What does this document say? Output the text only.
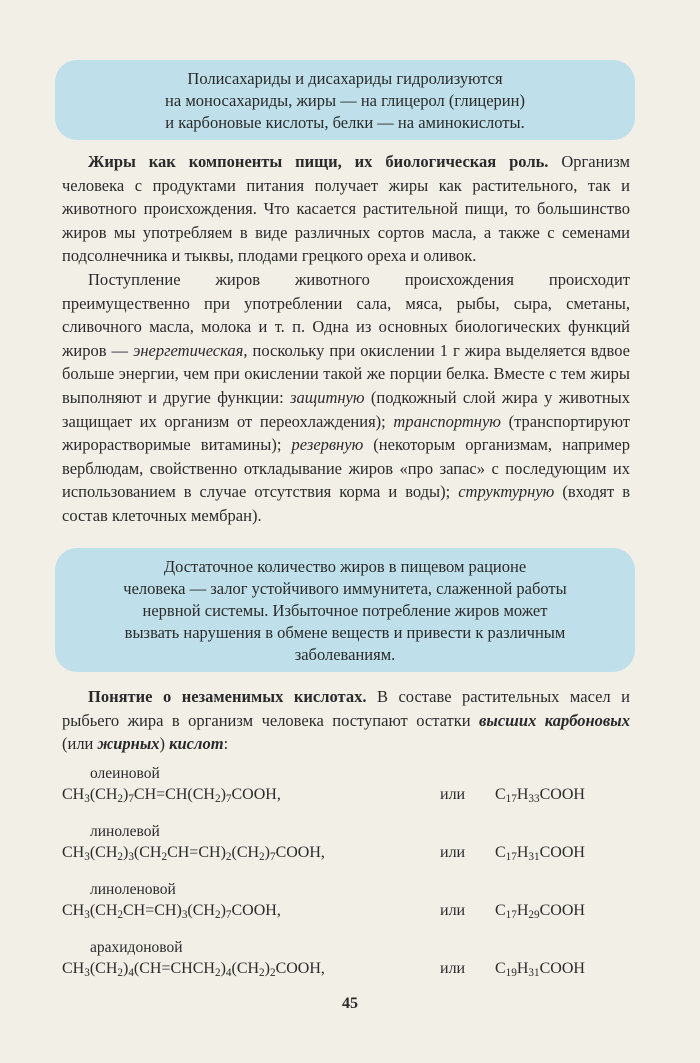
Полисахариды и дисахариды гидролизуются

на моносахариды, жиры — на глицерол (глицерин)

и карбоновые кислоты, белки — на аминокислоты.

Жиры как компоненты пищи, их биологическая роль. Организм человека с продуктами питания получает жиры как растительного, так и животного происхождения. Что касается растительной пищи, то большинство жиров мы употребляем в виде различных сортов масла, а также с семенами подсолнечника и тыквы, плодами грецкого ореха и оливок.

Поступление жиров животного происхождения происходит преимущественно при употреблении сала, мяса, рыбы, сыра, сметаны, сливочного масла, молока и т. п. Одна из основных биологических функций жиров — энергетическая, поскольку при окислении 1 г жира выделяется вдвое больше энергии, чем при окислении такой же порции белка. Вместе с тем жиры выполняют и другие функции: защитную (подкожный слой жира у животных защищает их организм от переохлаждения); транспортную (транспортируют жирорастворимые витамины); резервную (некоторым организмам, например верблюдам, свойственно откладывание жиров «про запас» с последующим их использованием в случае отсутствия корма и воды); структурную (входят в состав клеточных мембран).

Достаточное количество жиров в пищевом рационе

человека — залог устойчивого иммунитета, слаженной работы

нервной системы. Избыточное потребление жиров может

вызвать нарушения в обмене веществ и привести к различным

заболеваниям.

Понятие о незаменимых кислотах. В составе растительных масел и рыбьего жира в организм человека поступают остатки высших карбоновых (или жирных) кислот:

олеиновой
$CH_3(CH_2)_7CH=CH(CH_2)_7COOH$,	или $C_{17}H_{33}COOH$
линолевой
$CH_3(CH_2)_3(CH_2CH=CH)_2(CH_2)_7COOH$,	или $C_{17}H_{31}COOH$
линоленовой
$CH_3(CH_2CH=CH)_3(CH_2)_7COOH$,	или $C_{17}H_{29}COOH$
арахидоновой
$CH_3(CH_2)_4(CH=CHCH_2)_4(CH_2)_2COOH$,	или $C_{19}H_{31}COOH$
45
